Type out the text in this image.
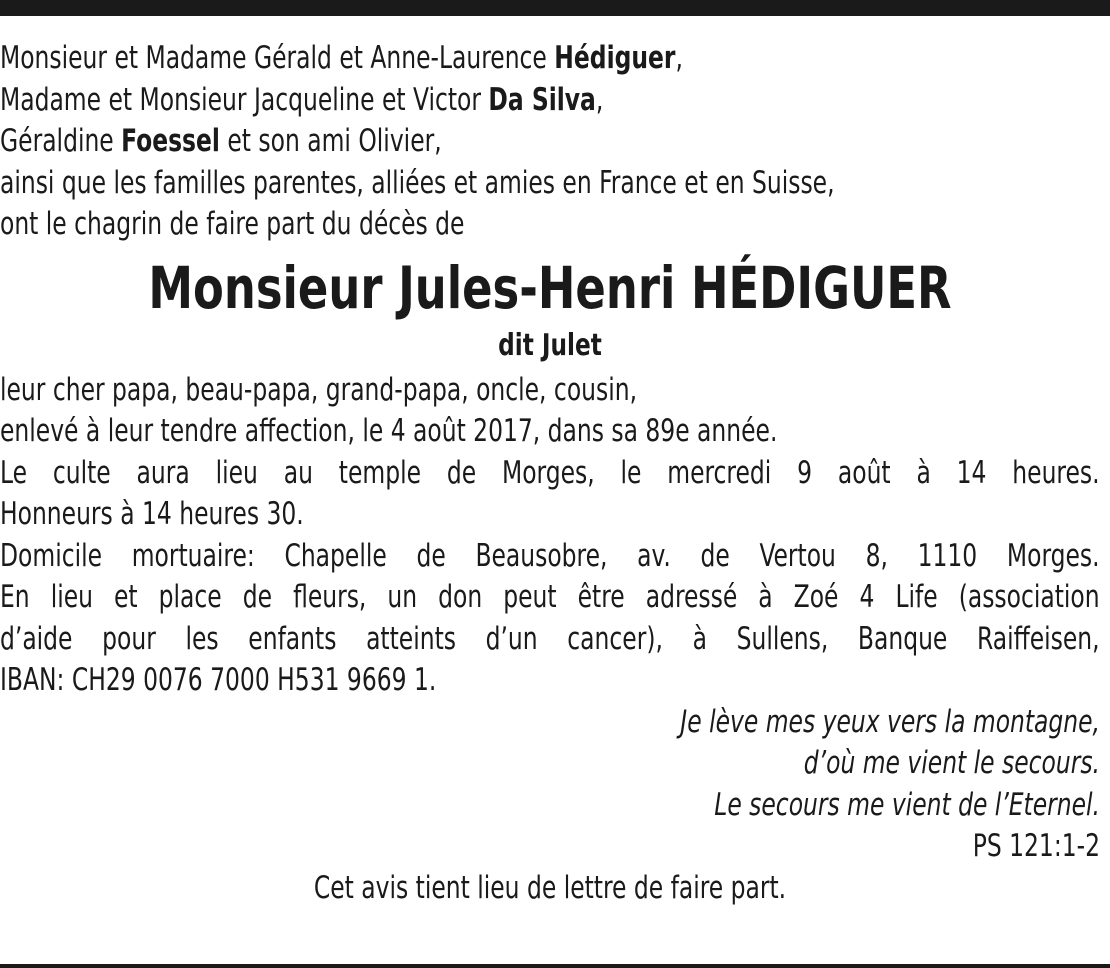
Monsieur et Madame Gérald et Anne-Laurence Hédiguer,
Madame et Monsieur Jacqueline et Victor Da Silva,
Géraldine Foessel et son ami Olivier,
ainsi que les familles parentes, alliées et amies en France et en Suisse,
ont le chagrin de faire part du décès de
Monsieur Jules-Henri HÉDIGUER
dit Julet
leur cher papa, beau-papa, grand-papa, oncle, cousin,
enlevé à leur tendre affection, le 4 août 2017, dans sa 89e année.
Le culte aura lieu au temple de Morges, le mercredi 9 août à 14 heures.
Honneurs à 14 heures 30.
Domicile mortuaire: Chapelle de Beausobre, av. de Vertou 8, 1110 Morges.
En lieu et place de fleurs, un don peut être adressé à Zoé 4 Life (association
d’aide pour les enfants atteints d’un cancer), à Sullens, Banque Raiffeisen,
IBAN: CH29 0076 7000 H531 9669 1.
Je lève mes yeux vers la montagne,
d’où me vient le secours.
Le secours me vient de l’Eternel.
PS 121:1-2
Cet avis tient lieu de lettre de faire part.
